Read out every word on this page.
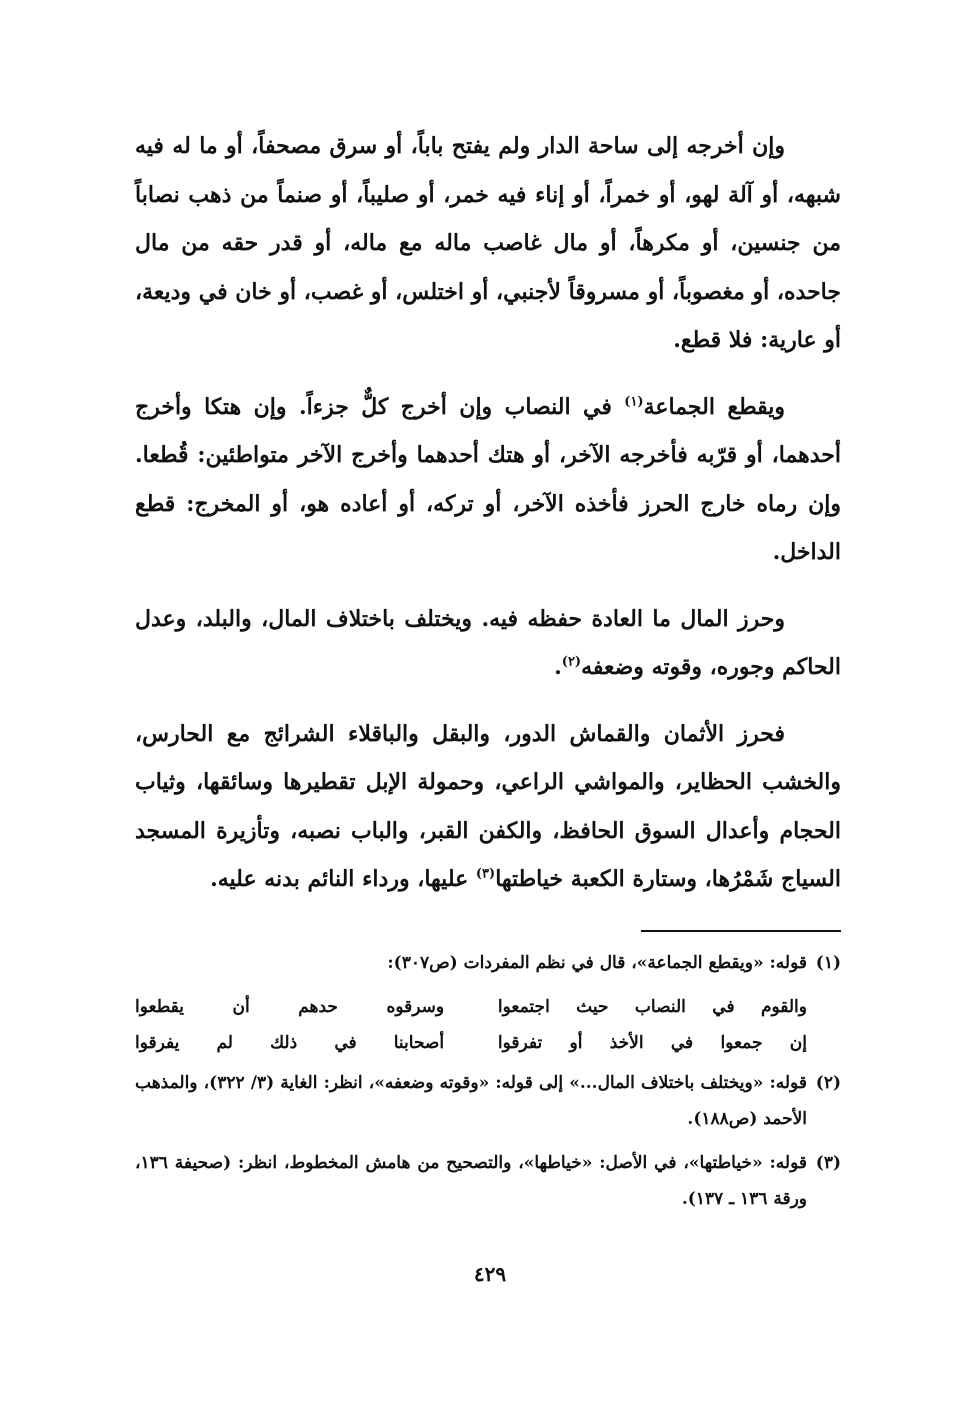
وإن أخرجه إلى ساحة الدار ولم يفتح باباً، أو سرق مصحفاً، أو ما له فيه شبهه، أو آلة لهو، أو خمراً، أو إناء فيه خمر، أو صليباً، أو صنماً من ذهب نصاباً من جنسين، أو مكرهاً، أو مال غاصب ماله مع ماله، أو قدر حقه من مال جاحده، أو مغصوباً، أو مسروقاً لأجنبي، أو اختلس، أو غصب، أو خان في وديعة، أو عارية: فلا قطع.

ويقطع الجماعة$^{(١)}$ في النصاب وإن أخرج كلٌّ جزءاً. وإن هتكا وأخرج أحدهما، أو قرّبه فأخرجه الآخر، أو هتك أحدهما وأخرج الآخر متواطئين: قُطعا. وإن رماه خارج الحرز فأخذه الآخر، أو تركه، أو أعاده هو، أو المخرج: قطع الداخل.

وحرز المال ما العادة حفظه فيه. ويختلف باختلاف المال، والبلد، وعدل الحاكم وجوره، وقوته وضعفه$^{(٢)}$.

فحرز الأثمان والقماش الدور، والبقل والباقلاء الشرائج مع الحارس، والخشب الحظاير، والمواشي الراعي، وحمولة الإبل تقطيرها وسائقها، وثياب الحجام وأعدال السوق الحافظ، والكفن القبر، والباب نصبه، وتأزيرة المسجد السياج شَمْرُها، وستارة الكعبة خياطتها$^{(٣)}$ عليها، ورداء النائم بدنه عليه.

(١)
قوله: «ويقطع الجماعة»، قال في نظم المفردات (ص٣٠٧):
والقوم في النصاب حيث اجتمعوا
وسرقوه حدهم أن يقطعوا
إن جمعوا في الأخذ أو تفرقوا
أصحابنا في ذلك لم يفرقوا
(٢)
قوله: «ويختلف باختلاف المال...» إلى قوله: «وقوته وضعفه»، انظر: الغاية (٣/ ٣٢٢)، والمذهب الأحمد (ص١٨٨).
(٣)
قوله: «خياطتها»، في الأصل: «خياطها»، والتصحيح من هامش المخطوط، انظر: (صحيفة ١٣٦، ورقة ١٣٦ ـ ١٣٧).
٤٢٩
